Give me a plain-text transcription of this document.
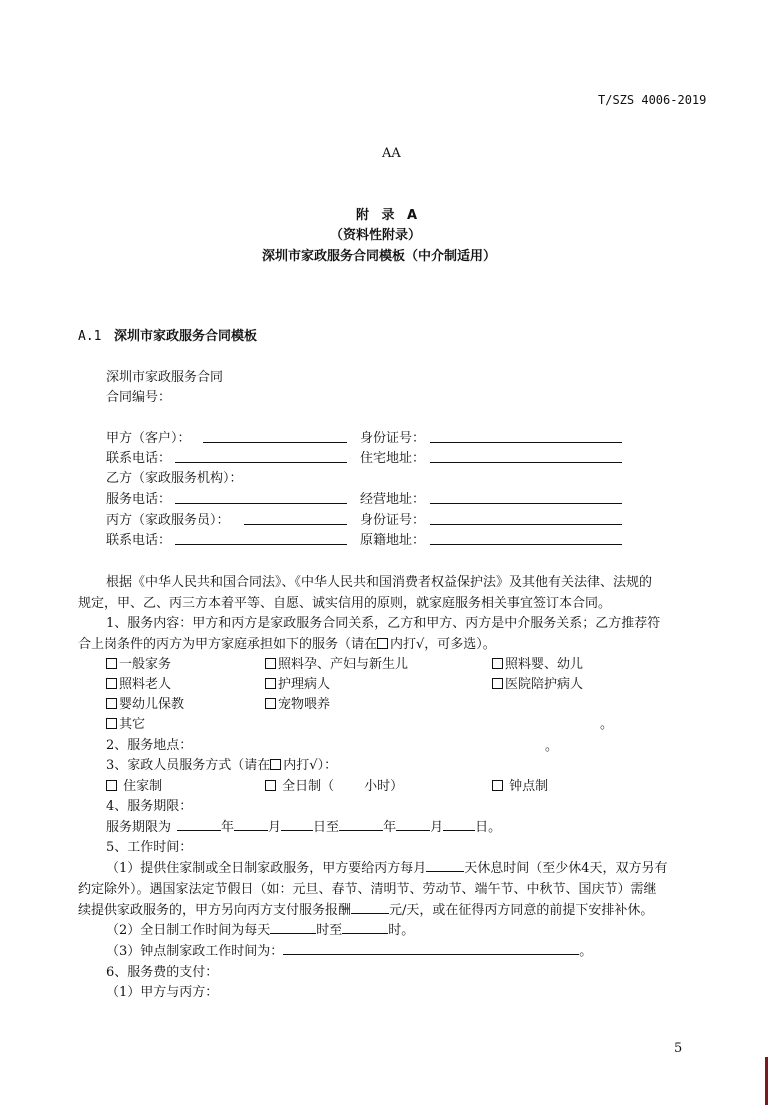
T/SZS 4006-2019
AA
附 录 A
（资料性附录）
深圳市家政服务合同模板（中介制适用）
A.1 深圳市家政服务合同模板
深圳市家政服务合同
合同编号：
甲方（客户）：	身份证号：
联系电话：	住宅地址：
乙方（家政服务机构）：
服务电话：	经营地址：
丙方（家政服务员）：	身份证号：
联系电话：	原籍地址：
根据《中华人民共和国合同法》、《中华人民共和国消费者权益保护法》及其他有关法律、法规的
规定，甲、乙、丙三方本着平等、自愿、诚实信用的原则，就家庭服务相关事宜签订本合同。
1、服务内容：甲方和丙方是家政服务合同关系，乙方和甲方、丙方是中介服务关系；乙方推荐符
合上岗条件的丙方为甲方家庭承担如下的服务（请在 内打√，可多选）。
一般家务	照料孕、产妇与新生儿	照料婴、幼儿
照料老人	护理病人	医院陪护病人
婴幼儿保教	宠物喂养
其它	。
2、服务地点：	。
3、家政人员服务方式（请在 内打√）：
住家制	全日制（ 小时）	钟点制
4、服务期限：
服务期限为	年	月 日至	年	月 日。
5、工作时间：
（1）提供住家制或全日制家政服务，甲方要给丙方每月	天休息时间（至少休4天，双方另有
约定除外）。遇国家法定节假日（如：元旦、春节、清明节、劳动节、端午节、中秋节、国庆节）需继
续提供家政服务的，甲方另向丙方支付服务报酬	元/天，或在征得丙方同意的前提下安排补休。
（2）全日制工作时间为每天	时至	时。
（3）钟点制家政工作时间为：	。
6、服务费的支付：
（1）甲方与丙方：
5
